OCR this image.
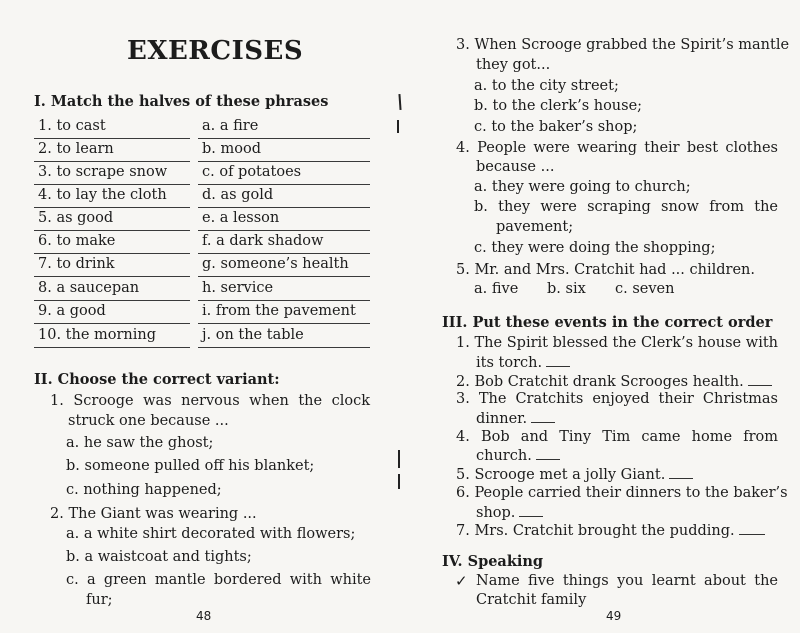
EXERCISES
I. Match the halves of these phrases
1. to cast	a. a fire
2. to learn	b. mood
3. to scrape snow	c. of potatoes
4. to lay the cloth	d. as gold
5. as good	e. a lesson
6. to make	f. a dark shadow
7. to drink	g. someone’s health
8. a saucepan	h. service
9. a good	i. from the pavement
10. the morning	j. on the table
II. Choose the correct variant:
1. Scrooge was nervous when the clock
struck one because ...
a. he saw the ghost;
b. someone pulled off his blanket;
c. nothing happened;
2. The Giant was wearing ...
a. a white shirt decorated with flowers;
b. a waistcoat and tights;
c. a green mantle bordered with white
fur;
48
3. When Scrooge grabbed the Spirit’s mantle
they got...
a. to the city street;
b. to the clerk’s house;
c. to the baker’s shop;
4. People were wearing their best clothes
because ...
a. they were going to church;
b. they were scraping snow from the
pavement;
c. they were doing the shopping;
5. Mr. and Mrs. Cratchit had ... children.
a. five b. six c. seven
III. Put these events in the correct order
1. The Spirit blessed the Clerk’s house with
its torch.
2. Bob Cratchit drank Scrooges health.
3. The Cratchits enjoyed their Christmas
dinner.
4. Bob and Tiny Tim came home from
church.
5. Scrooge met a jolly Giant.
6. People carried their dinners to the baker’s
shop.
7. Mrs. Cratchit brought the pudding.
IV. Speaking
✓ Name five things you learnt about the
Cratchit family
49
